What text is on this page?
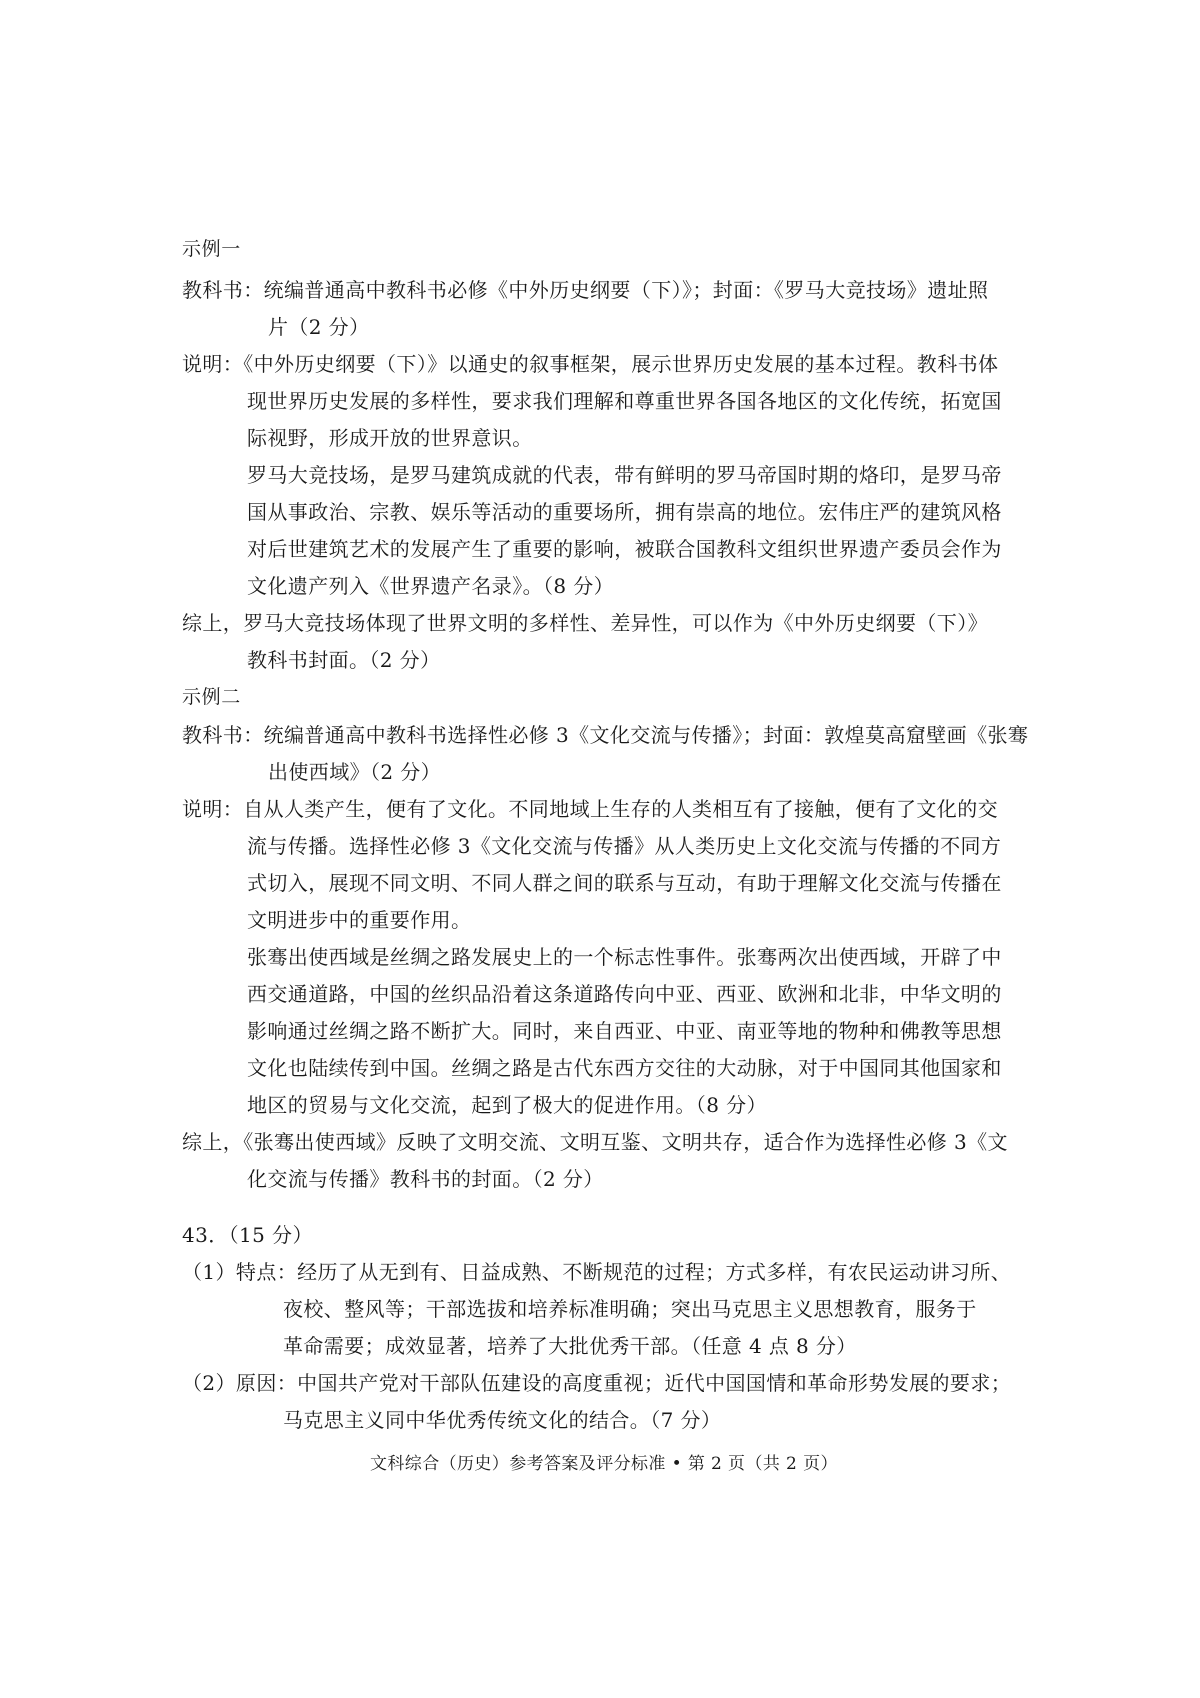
示例一
教科书：统编普通高中教科书必修《中外历史纲要（下）》；封面：《罗马大竞技场》遗址照
片（2 分）
说明：《中外历史纲要（下）》以通史的叙事框架，展示世界历史发展的基本过程。教科书体
现世界历史发展的多样性，要求我们理解和尊重世界各国各地区的文化传统，拓宽国
际视野，形成开放的世界意识。
罗马大竞技场，是罗马建筑成就的代表，带有鲜明的罗马帝国时期的烙印，是罗马帝
国从事政治、宗教、娱乐等活动的重要场所，拥有崇高的地位。宏伟庄严的建筑风格
对后世建筑艺术的发展产生了重要的影响，被联合国教科文组织世界遗产委员会作为
文化遗产列入《世界遗产名录》。（8 分）
综上，罗马大竞技场体现了世界文明的多样性、差异性，可以作为《中外历史纲要（下）》
教科书封面。（2 分）
示例二
教科书：统编普通高中教科书选择性必修 3《文化交流与传播》；封面：敦煌莫高窟壁画《张骞
出使西域》（2 分）
说明：自从人类产生，便有了文化。不同地域上生存的人类相互有了接触，便有了文化的交
流与传播。选择性必修 3《文化交流与传播》从人类历史上文化交流与传播的不同方
式切入，展现不同文明、不同人群之间的联系与互动，有助于理解文化交流与传播在
文明进步中的重要作用。
张骞出使西域是丝绸之路发展史上的一个标志性事件。张骞两次出使西域，开辟了中
西交通道路，中国的丝织品沿着这条道路传向中亚、西亚、欧洲和北非，中华文明的
影响通过丝绸之路不断扩大。同时，来自西亚、中亚、南亚等地的物种和佛教等思想
文化也陆续传到中国。丝绸之路是古代东西方交往的大动脉，对于中国同其他国家和
地区的贸易与文化交流，起到了极大的促进作用。（8 分）
综上，《张骞出使西域》反映了文明交流、文明互鉴、文明共存，适合作为选择性必修 3《文
化交流与传播》教科书的封面。（2 分）
43．（15 分）
（1）特点：经历了从无到有、日益成熟、不断规范的过程；方式多样，有农民运动讲习所、
夜校、整风等；干部选拔和培养标准明确；突出马克思主义思想教育，服务于
革命需要；成效显著，培养了大批优秀干部。（任意 4 点 8 分）
（2）原因：中国共产党对干部队伍建设的高度重视；近代中国国情和革命形势发展的要求；
马克思主义同中华优秀传统文化的结合。（7 分）
文科综合（历史）参考答案及评分标准 • 第 2 页（共 2 页）
